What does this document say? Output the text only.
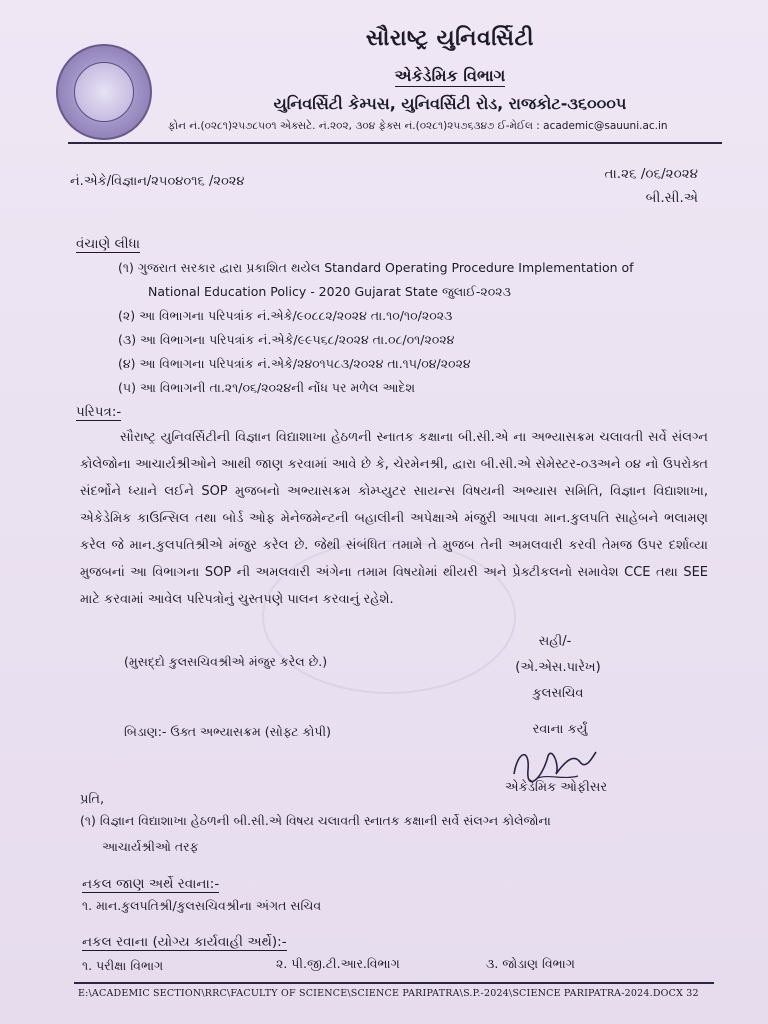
સૌરાષ્ટ્ર યુનિવર્સિટી
એકેડેમિક વિભાગ
યુનિવર્સિટી કેમ્પસ, યુનિવર્સિટી રોડ, રાજકોટ-૩૬૦૦૦૫
ફોન નં.(૦૨૮૧)૨૫૭૮૫૦૧ એક્સટે. નં.૨૦૨, ૩૦૪ ફેક્સ નં.(૦૨૮૧)૨૫૭૬૩૪૭ ઈ-મેઈલ : academic@sauuni.ac.in
નં.એકે/વિજ્ઞાન/૨૫૦૪૦૧૬ /૨૦૨૪	તા.૨૬ /૦૬/૨૦૨૪
બી.સી.એ
વંચાણે લીધા
(૧) ગુજરાત સરકાર દ્વારા પ્રકાશિત થયેલ Standard Operating Procedure Implementation of
National Education Policy - 2020 Gujarat State જુલાઈ-૨૦૨૩
(૨) આ વિભાગના પરિપત્રાંક નં.એકે/૯૦૮૮૨/૨૦૨૪ તા.૧૦/૧૦/૨૦૨૩
(૩) આ વિભાગના પરિપત્રાંક નં.એકે/૯૯૫૬૮/૨૦૨૪ તા.૦૮/૦૧/૨૦૨૪
(૪) આ વિભાગના પરિપત્રાંક નં.એકે/૨૪૦૧૫૮૩/૨૦૨૪ તા.૧૫/૦૪/૨૦૨૪
(૫) આ વિભાગની તા.૨૧/૦૬/૨૦૨૪ની નોંધ પર મળેલ આદેશ
પરિપત્ર:-
સૌરાષ્ટ્ર યુનિવર્સિટીની વિજ્ઞાન વિદ્યાશાખા હેઠળની સ્નાતક કક્ષાના બી.સી.એ ના અભ્યાસક્રમ ચલાવતી સર્વે સંલગ્ન કોલેજોના આચાર્યશ્રીઓને આથી જાણ કરવામાં આવે છે કે, ચેરમેનશ્રી, દ્વારા બી.સી.એ સેમેસ્ટર-૦૩અને ૦૪ નો ઉપરોક્ત સંદર્ભોને ધ્યાને લઈને SOP મુજબનો અભ્યાસક્રમ કોમ્પ્યુટર સાયન્સ વિષયની અભ્યાસ સમિતિ, વિજ્ઞાન વિદ્યાશાખા, એકેડેમિક કાઉન્સિલ તથા બોર્ડ ઓફ મેનેજમેન્ટની બહાલીની અપેક્ષાએ મંજુરી આપવા માન.કુલપતિ સાહેબને ભલામણ કરેલ જે માન.કુલપતિશ્રીએ મંજુર કરેલ છે. જેથી સંબંધિત તમામે તે મુજબ તેની અમલવારી કરવી તેમજ ઉપર દર્શાવ્યા મુજબનાં આ વિભાગના SOP ની અમલવારી અંગેના તમામ વિષયોમાં થીયરી અને પ્રેક્ટીકલનો સમાવેશ CCE તથા SEE માટે કરવામાં આવેલ પરિપત્રોનું ચુસ્તપણે પાલન કરવાનું રહેશે.
સહી/-
(એ.એસ.પારેખ)
કુલસચિવ
(મુસદ્દો કુલસચિવશ્રીએ મંજુર કરેલ છે.)
બિડાણ:- ઉક્ત અભ્યાસક્રમ (સોફ્ટ કોપી)	રવાના કર્યું
એકેડેમિક ઓફીસર
પ્રતિ,
(૧) વિજ્ઞાન વિદ્યાશાખા હેઠળની બી.સી.એ વિષય ચલાવતી સ્નાતક કક્ષાની સર્વે સંલગ્ન કોલેજોના
આચાર્યશ્રીઓ તરફ
નકલ જાણ અર્થે રવાના:-
૧. માન.કુલપતિશ્રી/કુલસચિવશ્રીના અંગત સચિવ
નકલ રવાના (યોગ્ય કાર્યવાહી અર્થે):-
૧. પરીક્ષા વિભાગ	૨. પી.જી.ટી.આર.વિભાગ	૩. જોડાણ વિભાગ
E:\ACADEMIC SECTION\RRC\FACULTY OF SCIENCE\SCIENCE PARIPATRA\S.P.-2024\SCIENCE PARIPATRA-2024.DOCX 32
